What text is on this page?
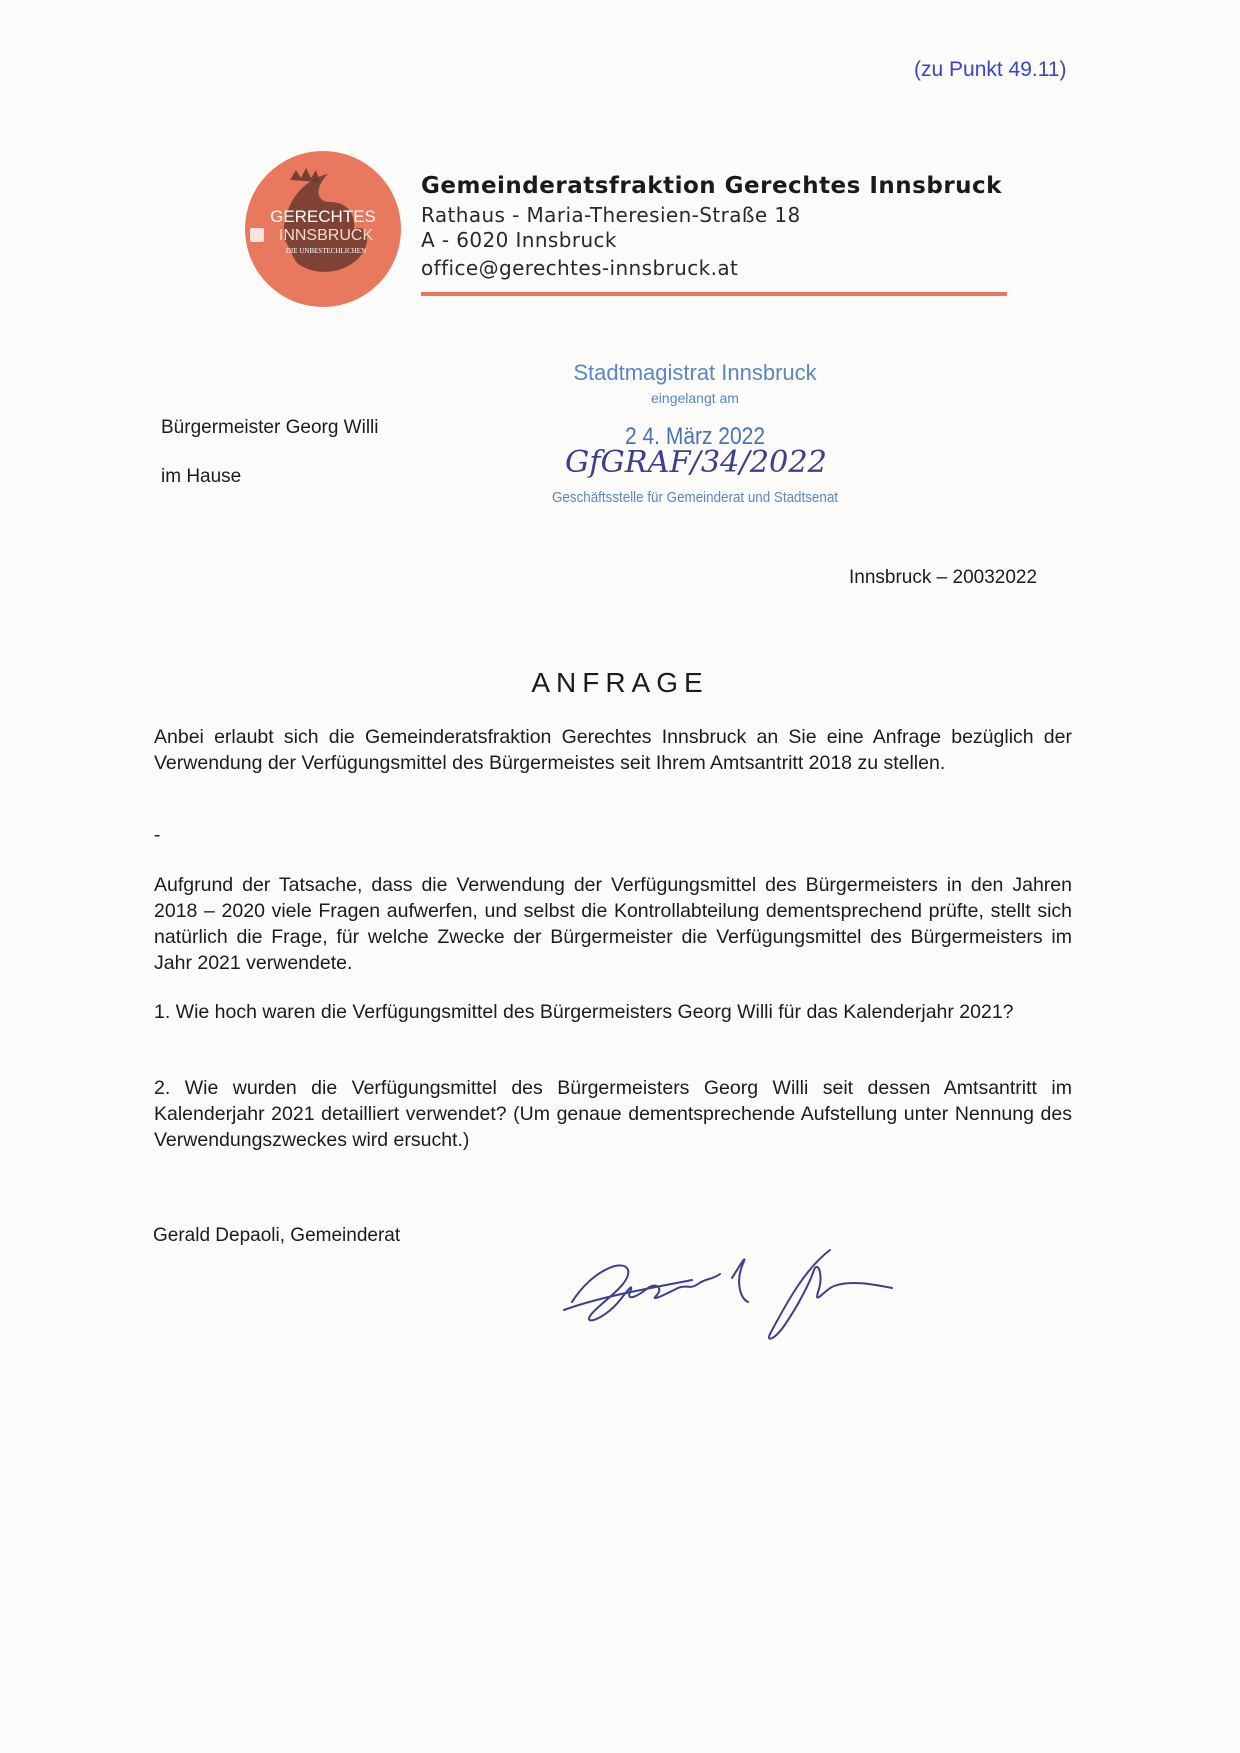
(zu Punkt 49.11)
GERECHTES
INNSBRUCK
DIE UNBESTECHLICHEN
Gemeinderatsfraktion Gerechtes Innsbruck
Rathaus - Maria-Theresien-Straße 18
A - 6020 Innsbruck
office@gerechtes-innsbruck.at
Bürgermeister Georg Willi
im Hause
Stadtmagistrat Innsbruck
eingelangt am
2 4. März 2022
GfGRAF/34/2022
Geschäftsstelle für Gemeinderat und Stadtsenat
Innsbruck – 20032022
ANFRAGE
Anbei erlaubt sich die Gemeinderatsfraktion Gerechtes Innsbruck an Sie eine Anfrage bezüglich der Verwendung der Verfügungsmittel des Bürgermeistes seit Ihrem Amtsantritt 2018 zu stellen.
-
Aufgrund der Tatsache, dass die Verwendung der Verfügungsmittel des Bürgermeisters in den Jahren 2018 – 2020 viele Fragen aufwerfen, und selbst die Kontrollabteilung dementsprechend prüfte, stellt sich natürlich die Frage, für welche Zwecke der Bürgermeister die Verfügungsmittel des Bürgermeisters im Jahr 2021 verwendete.
1. Wie hoch waren die Verfügungsmittel des Bürgermeisters Georg Willi für das Kalenderjahr 2021?
2. Wie wurden die Verfügungsmittel des Bürgermeisters Georg Willi seit dessen Amtsantritt im Kalenderjahr 2021 detailliert verwendet? (Um genaue dementsprechende Aufstellung unter Nennung des Verwendungszweckes wird ersucht.)
Gerald Depaoli, Gemeinderat
